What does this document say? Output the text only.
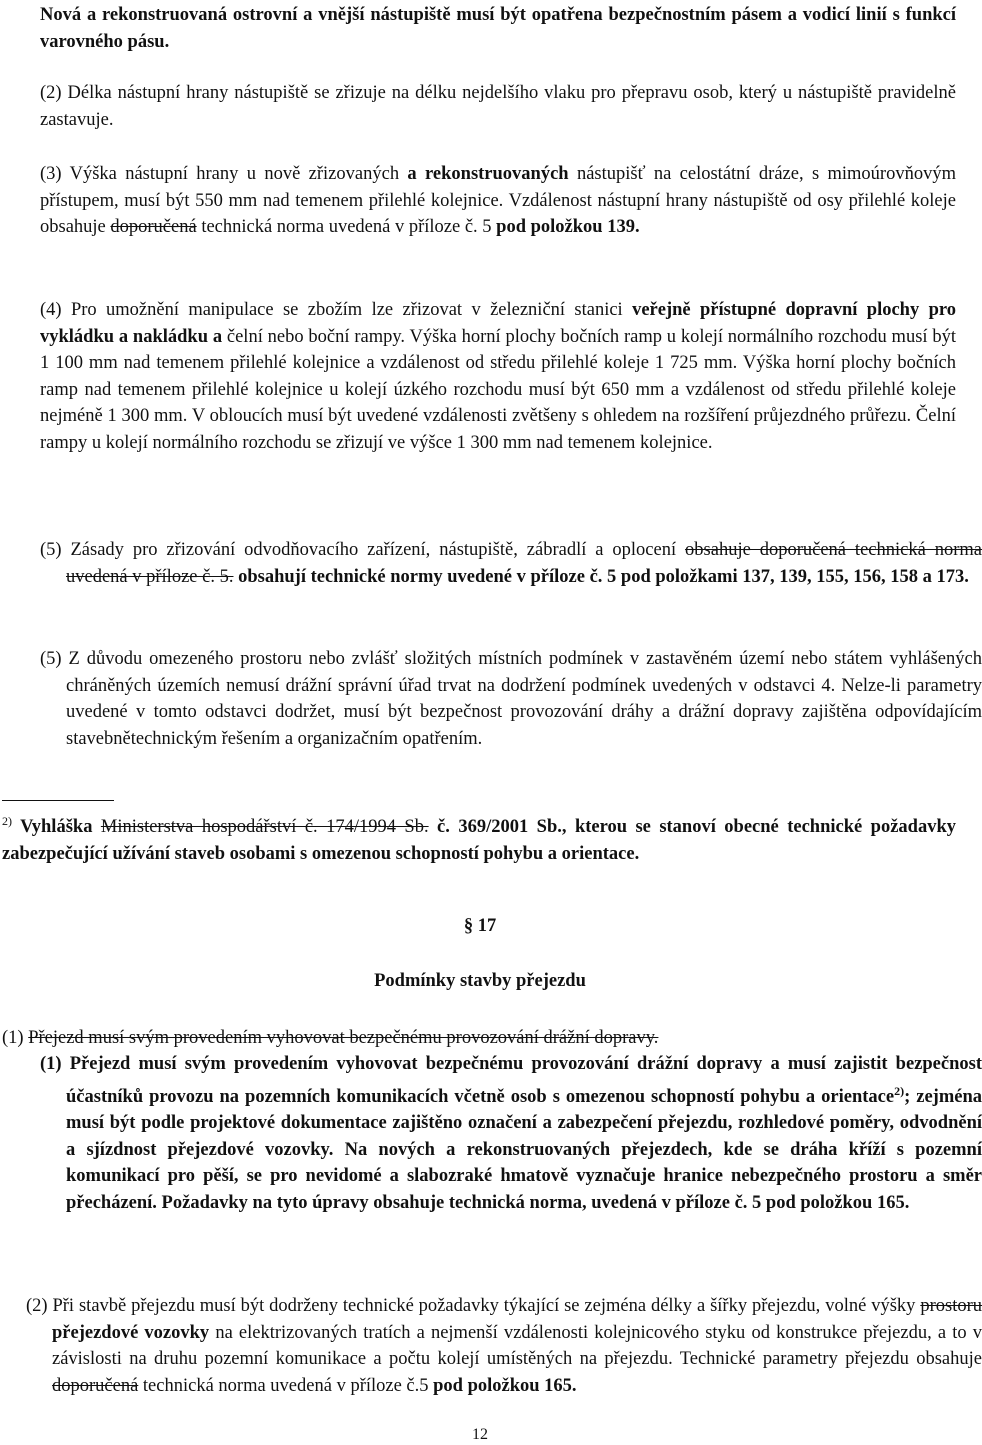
Nová a rekonstruovaná ostrovní a vnější nástupiště musí být opatřena bezpečnostním pásem a vodicí linií s funkcí varovného pásu.

(2) Délka nástupní hrany nástupiště se zřizuje na délku nejdelšího vlaku pro přepravu osob, který u nástupiště pravidelně zastavuje.

(3) Výška nástupní hrany u nově zřizovaných a rekonstruovaných nástupišť na celostátní dráze, s mimoúrovňovým přístupem, musí být 550 mm nad temenem přilehlé kolejnice. Vzdálenost nástupní hrany nástupiště od osy přilehlé koleje obsahuje doporučená technická norma uvedená v příloze č. 5 pod položkou 139.

(4) Pro umožnění manipulace se zbožím lze zřizovat v železniční stanici veřejně přístupné dopravní plochy pro vykládku a nakládku a čelní nebo boční rampy. Výška horní plochy bočních ramp u kolejí normálního rozchodu musí být 1 100 mm nad temenem přilehlé kolejnice a vzdálenost od středu přilehlé koleje 1 725 mm. Výška horní plochy bočních ramp nad temenem přilehlé kolejnice u kolejí úzkého rozchodu musí být 650 mm a vzdálenost od středu přilehlé koleje nejméně 1 300 mm. V obloucích musí být uvedené vzdálenosti zvětšeny s ohledem na rozšíření průjezdného průřezu. Čelní rampy u kolejí normálního rozchodu se zřizují ve výšce 1 300 mm nad temenem kolejnice.

(5) Zásady pro zřizování odvodňovacího zařízení, nástupiště, zábradlí a oplocení obsahuje doporučená technická norma uvedená v příloze č. 5. obsahují technické normy uvedené v příloze č. 5 pod položkami 137, 139, 155, 156, 158 a 173.

(5) Z důvodu omezeného prostoru nebo zvlášť složitých místních podmínek v zastavěném území nebo státem vyhlášených chráněných územích nemusí drážní správní úřad trvat na dodržení podmínek uvedených v odstavci 4. Nelze-li parametry uvedené v tomto odstavci dodržet, musí být bezpečnost provozování dráhy a drážní dopravy zajištěna odpovídajícím stavebnětechnickým řešením a organizačním opatřením.

$^{2)}$ Vyhláška Ministerstva hospodářství č. 174/1994 Sb. č. 369/2001 Sb., kterou se stanoví obecné technické požadavky zabezpečující užívání staveb osobami s omezenou schopností pohybu a orientace.

§ 17
Podmínky stavby přejezdu

(1) Přejezd musí svým provedením vyhovovat bezpečnému provozování drážní dopravy.

(1) Přejezd musí svým provedením vyhovovat bezpečnému provozování drážní dopravy a musí zajistit bezpečnost účastníků provozu na pozemních komunikacích včetně osob s omezenou schopností pohybu a orientace$^{2)}$; zejména musí být podle projektové dokumentace zajištěno označení a zabezpečení přejezdu, rozhledové poměry, odvodnění a sjízdnost přejezdové vozovky. Na nových a rekonstruovaných přejezdech, kde se dráha kříží s pozemní komunikací pro pěší, se pro nevidomé a slabozraké hmatově vyznačuje hranice nebezpečného prostoru a směr přecházení. Požadavky na tyto úpravy obsahuje technická norma, uvedená v příloze č. 5 pod položkou 165.

(2) Při stavbě přejezdu musí být dodrženy technické požadavky týkající se zejména délky a šířky přejezdu, volné výšky prostoru přejezdové vozovky na elektrizovaných tratích a nejmenší vzdálenosti kolejnicového styku od konstrukce přejezdu, a to v závislosti na druhu pozemní komunikace a počtu kolejí umístěných na přejezdu. Technické parametry přejezdu obsahuje doporučená technická norma uvedená v příloze č.5 pod položkou 165.

12
